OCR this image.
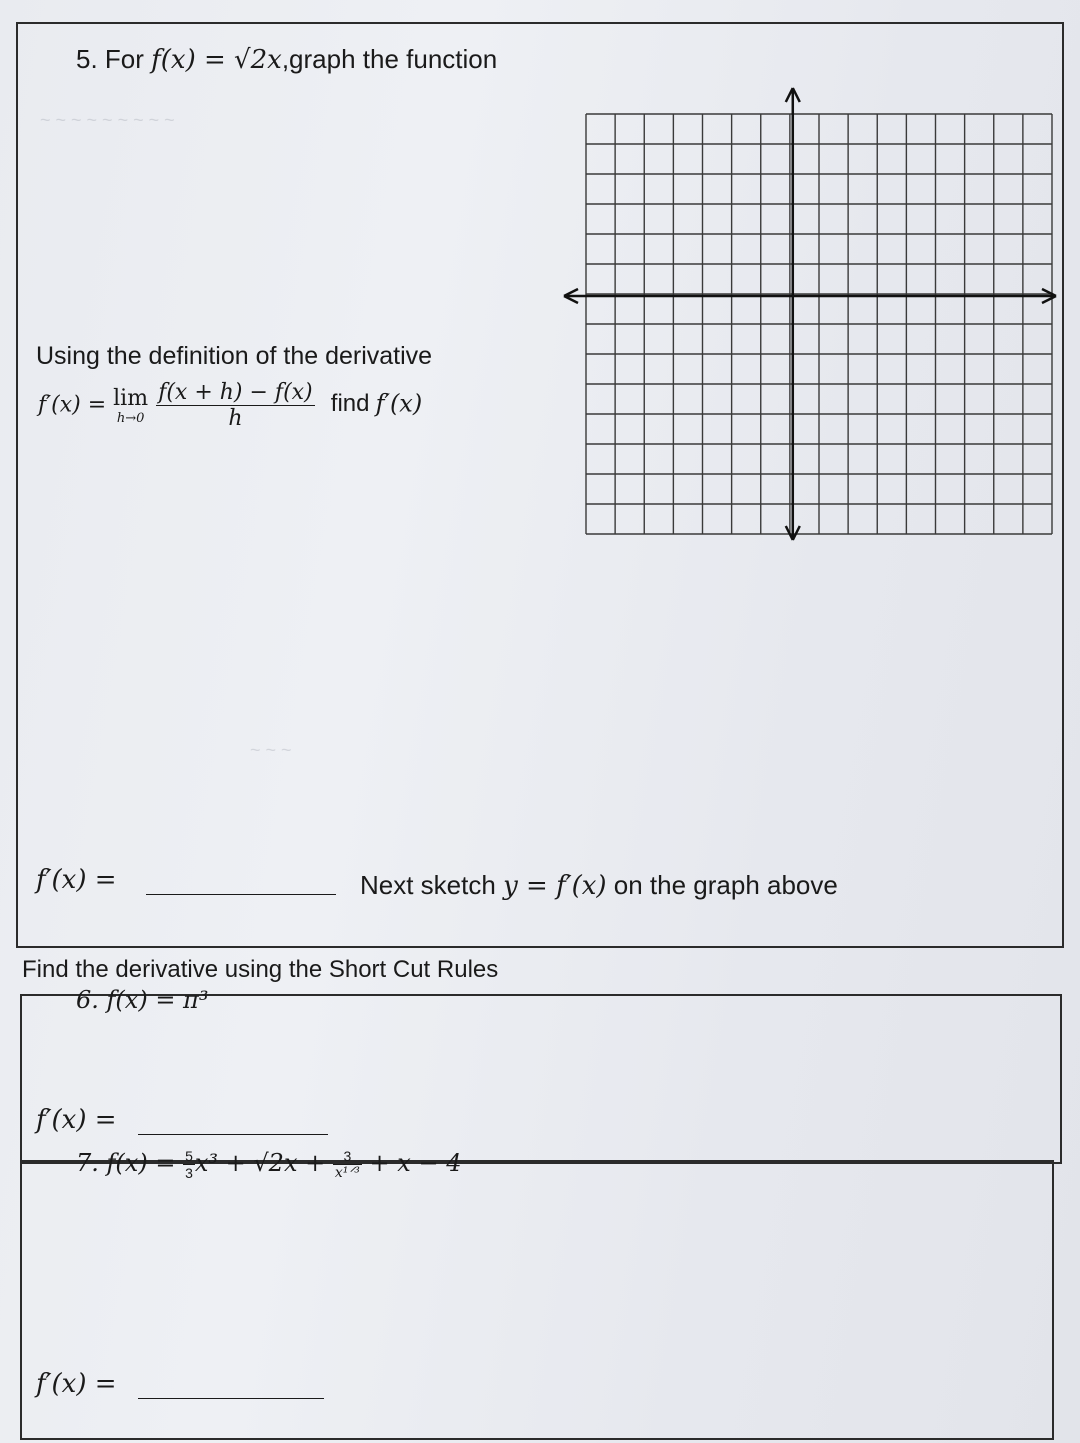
~ ~ ~ ~ ~ ~ ~ ~ ~
~ ~ ~
5. For f(x) = √2x,graph the function
Using the definition of the derivative
f′(x) = lim
h→0
$\frac{f(x + h) - f(x)}{h}$ find f′(x)
f′(x) =	Next sketch y = f′(x) on the graph above
Find the derivative using the Short Cut Rules
6. f(x) = π³
f′(x) =
7. $f(x) = \frac{5}{3} x^3 + √2x + \frac{3}{\text{x¹ᐟ³}} + x - 4$
f′(x) =
